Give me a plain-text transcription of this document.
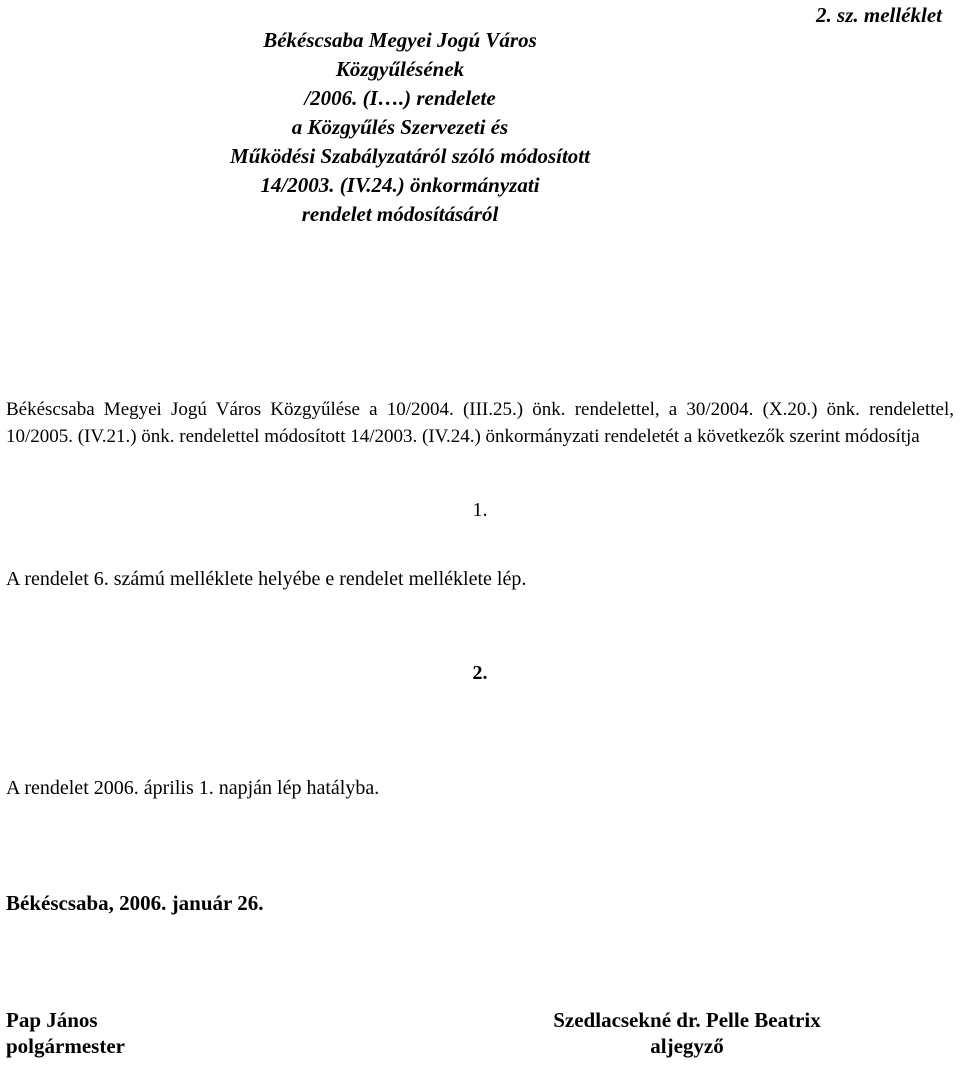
2. sz. melléklet

Békéscsaba Megyei Jogú Város
Közgyűlésének
/2006. (I….) rendelete
a Közgyűlés Szervezeti és
Működési Szabályzatáról szóló módosított
14/2003. (IV.24.) önkormányzati
rendelet módosításáról

Békéscsaba Megyei Jogú Város Közgyűlése a 10/2004. (III.25.) önk. rendelettel, a 30/2004. (X.20.) önk. rendelettel, 10/2005. (IV.21.) önk. rendelettel módosított 14/2003. (IV.24.) önkormányzati rendeletét a következők szerint módosítja

1.

A rendelet 6. számú melléklete helyébe e rendelet melléklete lép.

2.

A rendelet 2006. április 1. napján lép hatályba.

Békéscsaba, 2006. január 26.

Pap János
polgármester
Szedlacsekné dr. Pelle Beatrix
aljegyző
